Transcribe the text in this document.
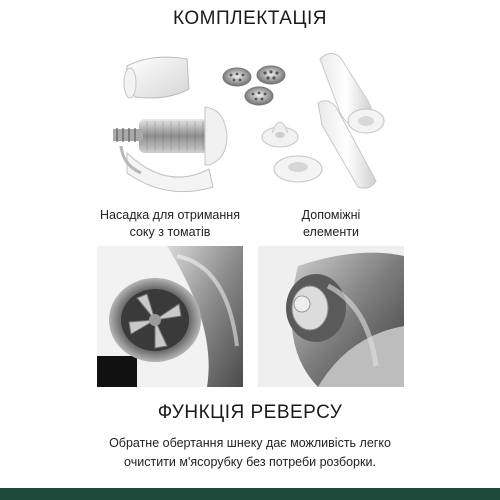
КОМПЛЕКТАЦІЯ
Насадка для отримання
соку з томатів
Допоміжні
елементи
ФУНКЦІЯ РЕВЕРСУ
Обратне обертання шнеку дає можливість легко
очистити м'ясорубку без потреби розборки.
